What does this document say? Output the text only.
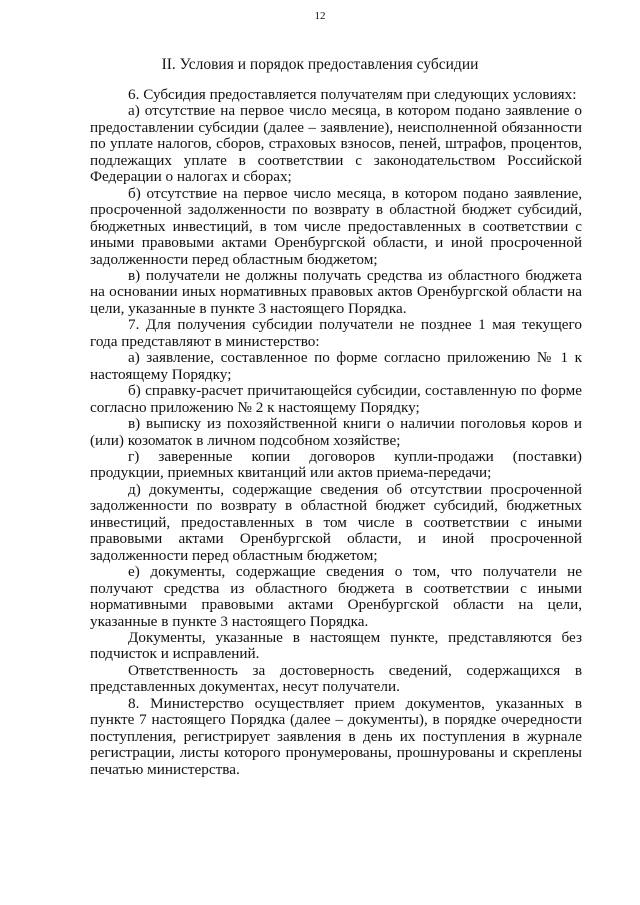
12
II. Условия и порядок предоставления субсидии

6. Субсидия предоставляется получателям при следующих условиях:

а) отсутствие на первое число месяца, в котором подано заявление о предоставлении субсидии (далее – заявление), неисполненной обязанности по уплате налогов, сборов, страховых взносов, пеней, штрафов, процентов, подлежащих уплате в соответствии с законодательством Российской Федерации о налогах и сборах;

б) отсутствие на первое число месяца, в котором подано заявление, просроченной задолженности по возврату в областной бюджет субсидий, бюджетных инвестиций, в том числе предоставленных в соответствии с иными правовыми актами Оренбургской области, и иной просроченной задолженности перед областным бюджетом;

в) получатели не должны получать средства из областного бюджета на основании иных нормативных правовых актов Оренбургской области на цели, указанные в пункте 3 настоящего Порядка.

7. Для получения субсидии получатели не позднее 1 мая текущего года представляют в министерство:

а) заявление, составленное по форме согласно приложению № 1 к настоящему Порядку;

б) справку-расчет причитающейся субсидии, составленную по форме согласно приложению № 2 к настоящему Порядку;

в) выписку из похозяйственной книги о наличии поголовья коров и (или) козоматок в личном подсобном хозяйстве;

г) заверенные копии договоров купли-продажи (поставки) продукции, приемных квитанций или актов приема-передачи;

д) документы, содержащие сведения об отсутствии просроченной задолженности по возврату в областной бюджет субсидий, бюджетных инвестиций, предоставленных в том числе в соответствии с иными правовыми актами Оренбургской области, и иной просроченной задолженности перед областным бюджетом;

е) документы, содержащие сведения о том, что получатели не получают средства из областного бюджета в соответствии с иными нормативными правовыми актами Оренбургской области на цели, указанные в пункте 3 настоящего Порядка.

Документы, указанные в настоящем пункте, представляются без подчисток и исправлений.

Ответственность за достоверность сведений, содержащихся в представленных документах, несут получатели.

8. Министерство осуществляет прием документов, указанных в пункте 7 настоящего Порядка (далее – документы), в порядке очередности поступления, регистрирует заявления в день их поступления в журнале регистрации, листы которого пронумерованы, прошнурованы и скреплены печатью министерства.
